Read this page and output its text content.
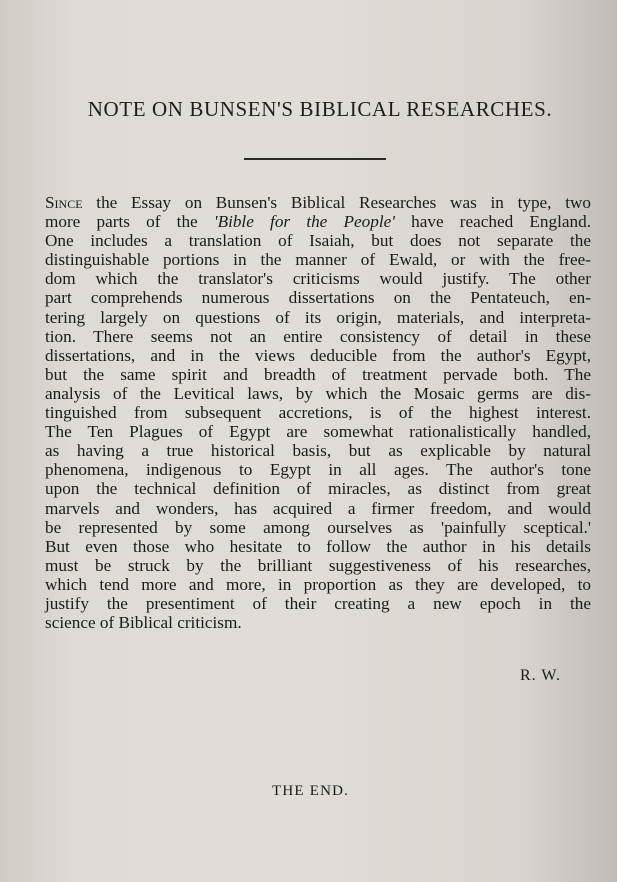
NOTE ON BUNSEN'S BIBLICAL RESEARCHES.
Since the Essay on Bunsen's Biblical Researches was in type, two
more parts of the 'Bible for the People' have reached England.
One includes a translation of Isaiah, but does not separate the
distinguishable portions in the manner of Ewald, or with the free-
dom which the translator's criticisms would justify. The other
part comprehends numerous dissertations on the Pentateuch, en-
tering largely on questions of its origin, materials, and interpreta-
tion. There seems not an entire consistency of detail in these
dissertations, and in the views deducible from the author's Egypt,
but the same spirit and breadth of treatment pervade both. The
analysis of the Levitical laws, by which the Mosaic germs are dis-
tinguished from subsequent accretions, is of the highest interest.
The Ten Plagues of Egypt are somewhat rationalistically handled,
as having a true historical basis, but as explicable by natural
phenomena, indigenous to Egypt in all ages. The author's tone
upon the technical definition of miracles, as distinct from great
marvels and wonders, has acquired a firmer freedom, and would
be represented by some among ourselves as 'painfully sceptical.'
But even those who hesitate to follow the author in his details
must be struck by the brilliant suggestiveness of his researches,
which tend more and more, in proportion as they are developed, to
justify the presentiment of their creating a new epoch in the
science of Biblical criticism.
R. W.
THE END.
